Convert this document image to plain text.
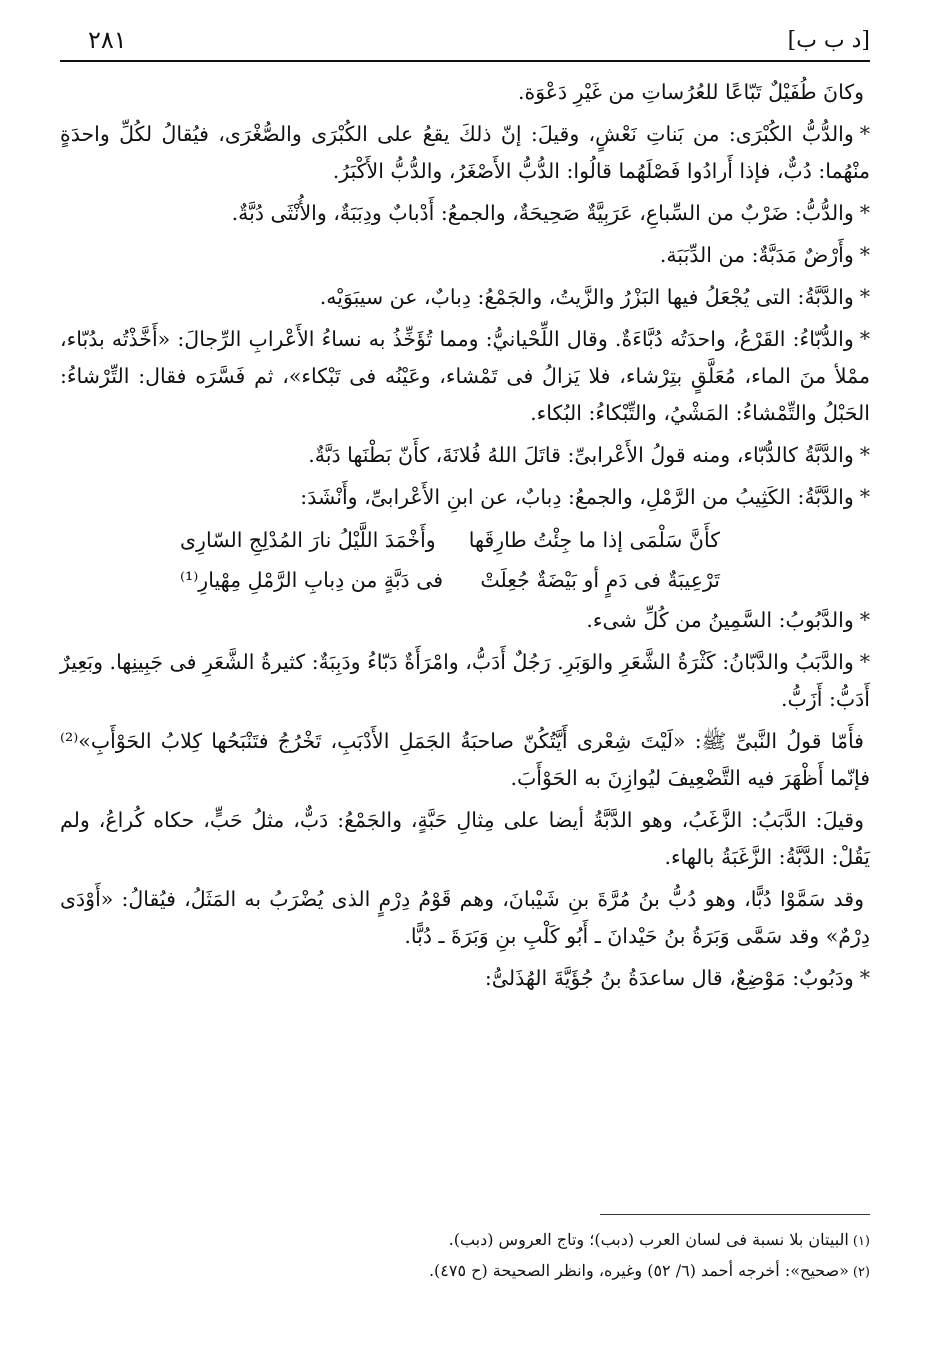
[د ب ب]
٢٨١

وكانَ طُفَيْلٌ تَبّاعًا للعُرُساتِ من غَيْرِ دَعْوَة.

*والدُّبُّ الكُبْرَى: من بَناتِ نَعْشٍ، وقيلَ: إنّ ذلكَ يقعُ على الكُبْرَى والصُّغْرَى، فيُقالُ لكُلِّ واحدَةٍ منْهُما: دُبٌّ، فإذا أَرادُوا فَصْلَهُما قالُوا: الدُّبُّ الأَصْغَرُ، والدُّبُّ الأَكْبَرُ.

*والدُّبُّ: ضَرْبٌ من السِّباعِ، عَرَبِيَّةٌ صَحِيحَةٌ، والجمعُ: أَدْبابٌ ودِبَبَةٌ، والأُنْثَى دُبَّةٌ.

*وأَرْضٌ مَدَبَّةٌ: من الدِّبَبَة.

*والدَّبَّةُ: التى يُجْعَلُ فيها البَزْرُ والزَّيتُ، والجَمْعُ: دِبابٌ، عن سيبَوَيْه.

*والدُّبّاءُ: القَرْعُ، واحدَتُه دُبَّاءَةٌ. وقال اللِّحْيانيُّ: ومما تُؤَخِّذُ به نساءُ الأَعْرابِ الرِّجالَ: «أَخَّذْتُه بدُبّاء، ممْلأ منَ الماء، مُعَلَّقٍ بتِرْشاء، فلا يَزالُ فى تَمْشاء، وعَيْنُه فى تَبْكاء»، ثم فَسَّرَه فقال: التِّرْشاءُ: الحَبْلُ والتِّمْشاءُ: المَشْيُ، والتِّبْكاءُ: البُكاء.

*والدَّبَّةُ كالدُّبّاء، ومنه قولُ الأَعْرابىِّ: قاتَلَ اللهُ فُلانَةَ، كأَنّ بَطْنَها دَبَّةٌ.

*والدَّبَّةُ: الكَثِيبُ من الرَّمْلِ، والجمعُ: دِبابٌ، عن ابنِ الأَعْرابىِّ، وأَنْشَدَ:

كأَنَّ سَلْمَى إذا ما جِئْتُ طارِقَها
وأَخْمَدَ اللَّيْلُ نارَ المُدْلِجِ السّارِى
تَرْعِيبَةٌ فى دَمٍ أو بَيْضَةٌ جُعِلَتْ
فى دَبَّةٍ من دِبابِ الرَّمْلِ مِهْيارِ⁽¹⁾

*والدَّبُوبُ: السَّمِينُ من كُلِّ شىء.

*والدَّبَبُ والدَّبّانُ: كَثْرَةُ الشَّعَرِ والوَبَرِ. رَجُلٌ أَدَبُّ، وامْرَأَةٌ دَبّاءُ ودَبِبَةٌ: كثيرةُ الشَّعَرِ فى جَبِينِها. وبَعِيرٌ أَدَبُّ: أَزَبُّ.

فأَمّا قولُ النَّبىِّ ﷺ: «لَيْتَ شِعْرى أَيَّتُكُنّ صاحبَةُ الجَمَلِ الأَدْبَبِ، تَخْرُجُ فتَنْبَحُها كِلابُ الحَوْأَبِ»⁽²⁾ فإنّما أَظْهَرَ فيه التَّضْعِيفَ ليُوازِنَ به الحَوْأَبَ.

وقيلَ: الدَّبَبُ: الزَّغَبُ، وهو الدَّبَّةُ أيضا على مِثالِ حَبَّةٍ، والجَمْعُ: دَبٌّ، مثلُ حَبٍّ، حكاه كُراعُ، ولم يَقُلْ: الدَّبَّةُ: الزَّغَبَةُ بالهاء.

وقد سَمَّوْا دُبًّا، وهو دُبُّ بنُ مُرَّةَ بنِ شَيْبانَ، وهم قَوْمُ دِرْمٍ الذى يُضْرَبُ به المَثَلُ، فيُقالُ: «أَوْدَى دِرْمٌ» وقد سَمَّى وَبَرَةُ بنُ حَيْدانَ ـ أَبُو كَلْبِ بنِ وَبَرَةَ ـ دُبًّا.

*ودَبُوبٌ: مَوْضِعٌ، قال ساعدَةُ بنُ جُؤَيَّةَ الهُذَلىُّ:

(١)البيتان بلا نسبة فى لسان العرب (دبب)؛ وتاج العروس (دبب).

(٢)«صحيح»: أخرجه أحمد (٦/ ٥٢) وغيره، وانظر الصحيحة (ح ٤٧٥).
